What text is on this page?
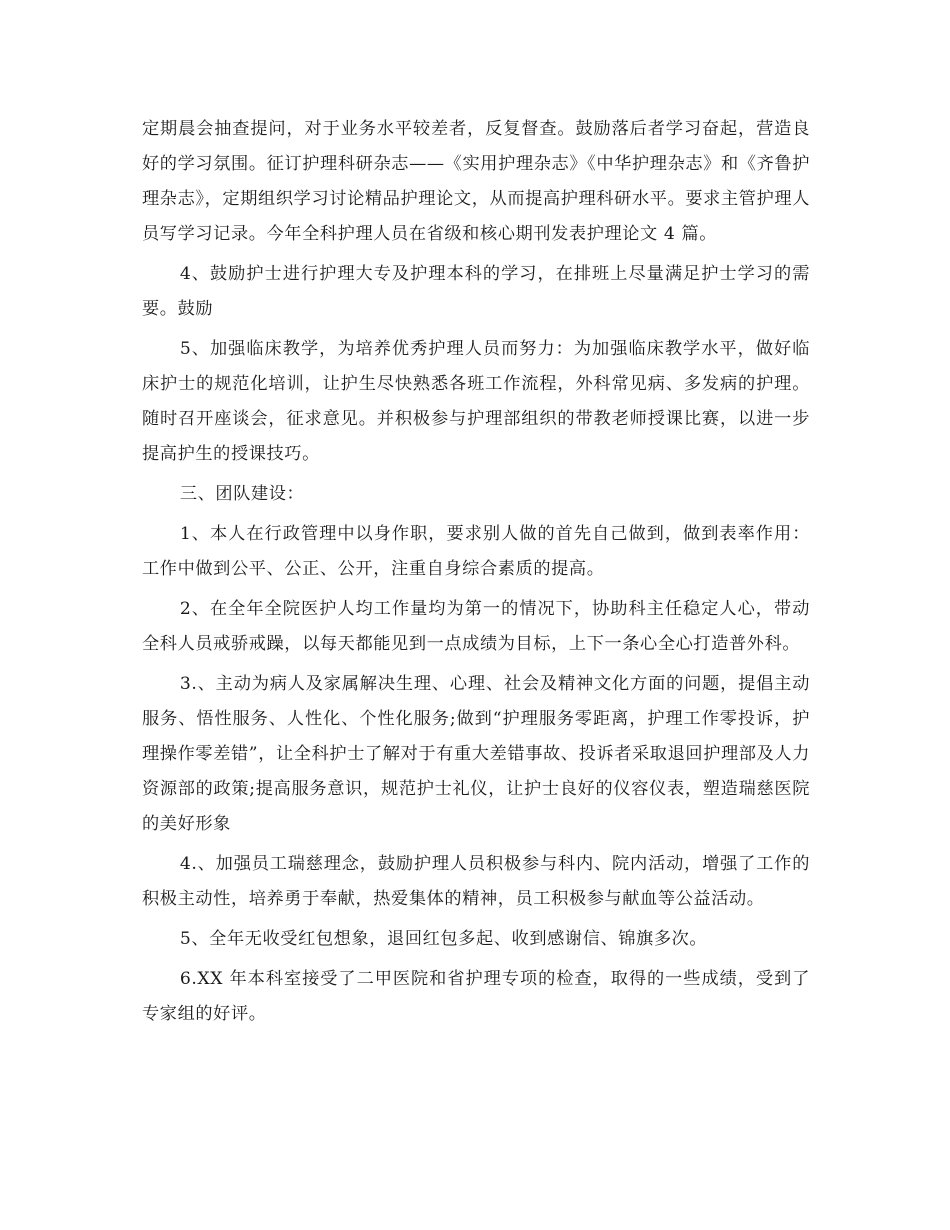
定期晨会抽查提问，对于业务水平较差者，反复督查。鼓励落后者学习奋起，营造良好的学习氛围。征订护理科研杂志——《实用护理杂志》《中华护理杂志》和《齐鲁护理杂志》，定期组织学习讨论精品护理论文，从而提高护理科研水平。要求主管护理人员写学习记录。今年全科护理人员在省级和核心期刊发表护理论文 4 篇。

4、鼓励护士进行护理大专及护理本科的学习，在排班上尽量满足护士学习的需要。鼓励

5、加强临床教学，为培养优秀护理人员而努力：为加强临床教学水平，做好临床护士的规范化培训，让护生尽快熟悉各班工作流程，外科常见病、多发病的护理。随时召开座谈会，征求意见。并积极参与护理部组织的带教老师授课比赛，以进一步提高护生的授课技巧。

三、团队建设：

1、本人在行政管理中以身作职，要求别人做的首先自己做到，做到表率作用：工作中做到公平、公正、公开，注重自身综合素质的提高。

2、在全年全院医护人均工作量均为第一的情况下，协助科主任稳定人心，带动全科人员戒骄戒躁，以每天都能见到一点成绩为目标，上下一条心全心打造普外科。

3.、主动为病人及家属解决生理、心理、社会及精神文化方面的问题，提倡主动服务、悟性服务、人性化、个性化服务;做到“护理服务零距离，护理工作零投诉，护理操作零差错”，让全科护士了解对于有重大差错事故、投诉者采取退回护理部及人力资源部的政策;提高服务意识，规范护士礼仪，让护士良好的仪容仪表，塑造瑞慈医院的美好形象

4.、加强员工瑞慈理念，鼓励护理人员积极参与科内、院内活动，增强了工作的积极主动性，培养勇于奉献，热爱集体的精神，员工积极参与献血等公益活动。

5、全年无收受红包想象，退回红包多起、收到感谢信、锦旗多次。

6.XX 年本科室接受了二甲医院和省护理专项的检查，取得的一些成绩，受到了专家组的好评。
